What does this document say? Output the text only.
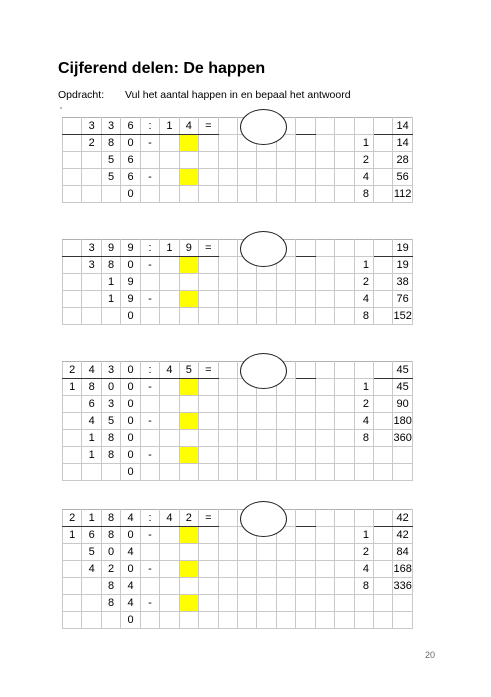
Cijferend delen: De happen
Opdracht: Vul het aantal happen in en bepaal het antwoord
	3	3	6	:	1	4	=										14
	2	8	0	-											1		14
		5	6												2		28
		5	6	-											4		56
			0												8		112
	3	9	9	:	1	9	=										19
	3	8	0	-											1		19
		1	9												2		38
		1	9	-											4		76
			0												8		152
2	4	3	0	:	4	5	=										45
1	8	0	0	-											1		45
	6	3	0												2		90
	4	5	0	-											4		180
	1	8	0												8		360
	1	8	0	-													
			0														
2	1	8	4	:	4	2	=										42
1	6	8	0	-											1		42
	5	0	4												2		84
	4	2	0	-											4		168
		8	4												8		336
		8	4	-													
			0														
20
